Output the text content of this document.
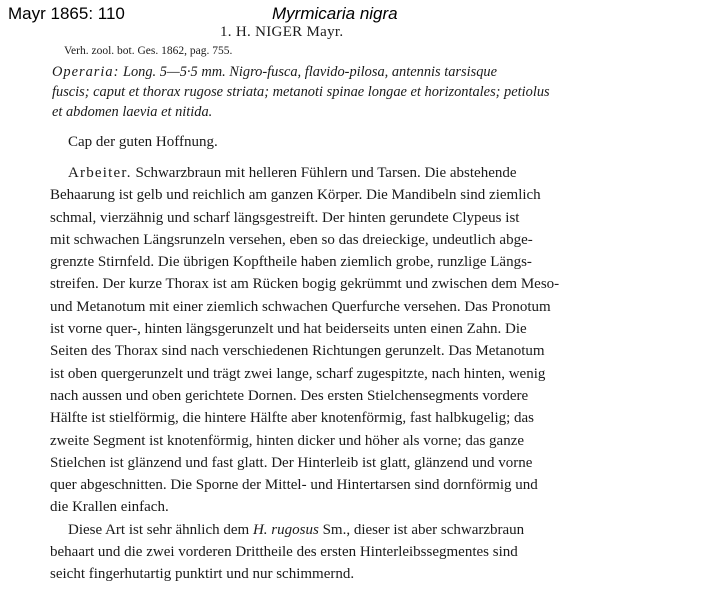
Mayr 1865: 110	Myrmicaria nigra
1. H. NIGER Mayr.
Verh. zool. bot. Ges. 1862, pag. 755.
Operaria: Long. 5—5·5 mm. Nigro-fusca, flavido-pilosa, antennis tarsisque
fuscis; caput et thorax rugose striata; metanoti spinae longae et horizontales; petiolus
et abdomen laevia et nitida.
Cap der guten Hoffnung.
Arbeiter. Schwarzbraun mit helleren Fühlern und Tarsen. Die abstehende
Behaarung ist gelb und reichlich am ganzen Körper. Die Mandibeln sind ziemlich
schmal, vierzähnig und scharf längsgestreift. Der hinten gerundete Clypeus ist
mit schwachen Längsrunzeln versehen, eben so das dreieckige, undeutlich abge-
grenzte Stirnfeld. Die übrigen Kopftheile haben ziemlich grobe, runzlige Längs-
streifen. Der kurze Thorax ist am Rücken bogig gekrümmt und zwischen dem Meso-
und Metanotum mit einer ziemlich schwachen Querfurche versehen. Das Pronotum
ist vorne quer-, hinten längsgerunzelt und hat beiderseits unten einen Zahn. Die
Seiten des Thorax sind nach verschiedenen Richtungen gerunzelt. Das Metanotum
ist oben quergerunzelt und trägt zwei lange, scharf zugespitzte, nach hinten, wenig
nach aussen und oben gerichtete Dornen. Des ersten Stielchensegments vordere
Hälfte ist stielförmig, die hintere Hälfte aber knotenförmig, fast halbkugelig; das
zweite Segment ist knotenförmig, hinten dicker und höher als vorne; das ganze
Stielchen ist glänzend und fast glatt. Der Hinterleib ist glatt, glänzend und vorne
quer abgeschnitten. Die Sporne der Mittel- und Hintertarsen sind dornförmig und
die Krallen einfach.
Diese Art ist sehr ähnlich dem H. rugosus Sm., dieser ist aber schwarzbraun
behaart und die zwei vorderen Drittheile des ersten Hinterleibssegmentes sind
seicht fingerhutartig punktirt und nur schimmernd.
